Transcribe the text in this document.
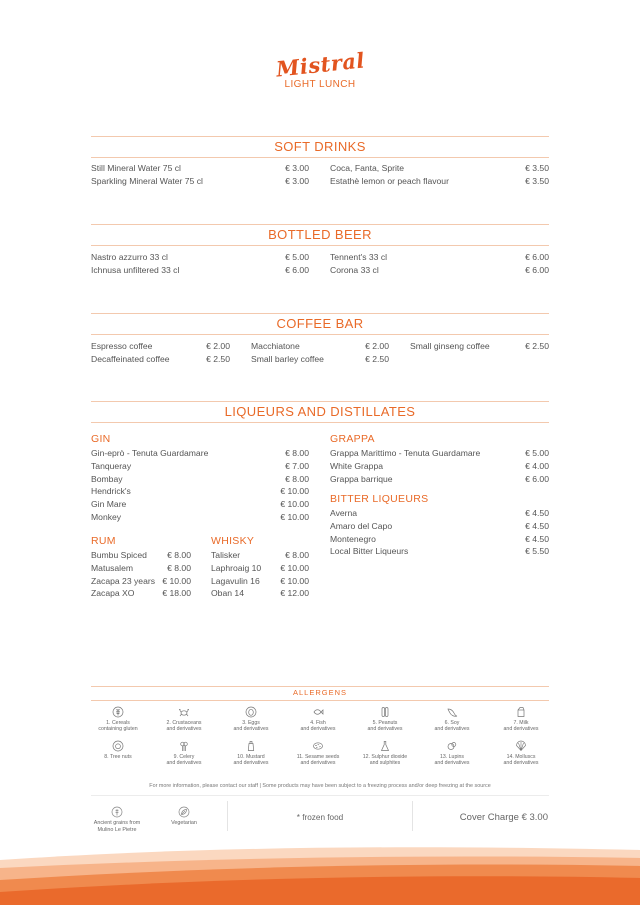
Mistral
LIGHT LUNCH
SOFT DRINKS
Still Mineral Water 75 cl	€ 3.00
Sparkling Mineral Water 75 cl	€ 3.00
Coca, Fanta, Sprite	€ 3.50
Estathè lemon or peach flavour	€ 3.50
BOTTLED BEER
Nastro azzurro 33 cl	€ 5.00
Ichnusa unfiltered 33 cl	€ 6.00
Tennent's 33 cl	€ 6.00
Corona 33 cl	€ 6.00
COFFEE BAR
Espresso coffee	€ 2.00
Decaffeinated coffee	€ 2.50
Macchiatone	€ 2.00
Small barley coffee	€ 2.50
Small ginseng coffee	€ 2.50
LIQUEURS AND DISTILLATES
GIN
Gin-eprò - Tenuta Guardamare	€ 8.00
Tanqueray	€ 7.00
Bombay	€ 8.00
Hendrick's	€ 10.00
Gin Mare	€ 10.00
Monkey	€ 10.00
RUM
Bumbu Spiced € 8.00
Matusalem	€ 8.00
Zacapa 23 years € 10.00
Zacapa XO	€ 18.00
WHISKY
Talisker	€ 8.00
Laphroaig 10 € 10.00
Lagavulin 16 € 10.00
Oban 14	€ 12.00
GRAPPA
Grappa Marittimo - Tenuta Guardamare	€ 5.00
White Grappa	€ 4.00
Grappa barrique	€ 6.00
BITTER LIQUEURS
Averna	€ 4.50
Amaro del Capo	€ 4.50
Montenegro	€ 4.50
Local Bitter Liqueurs	€ 5.50
ALLERGENS
1. Cereals
containing gluten
2. Crustaceans
and derivatives
3. Eggs
and derivatives
4. Fish
and derivatives
5. Peanuts
and derivatives
6. Soy
and derivatives
7. Milk
and derivatives
8. Tree nuts	9. Celery
and derivatives
10. Mustard
and derivatives
11. Sesame seeds
and derivatives
12. Sulphur dioxide
and sulphites
13. Lupins
and derivatives
14. Molluscs
and derivatives
For more information, please contact our staff | Some products may have been subject to a freezing process and/or deep freezing at the source
Ancient grains from
Mulino Le Pietre
Vegetarian
* frozen food	Cover Charge € 3.00
